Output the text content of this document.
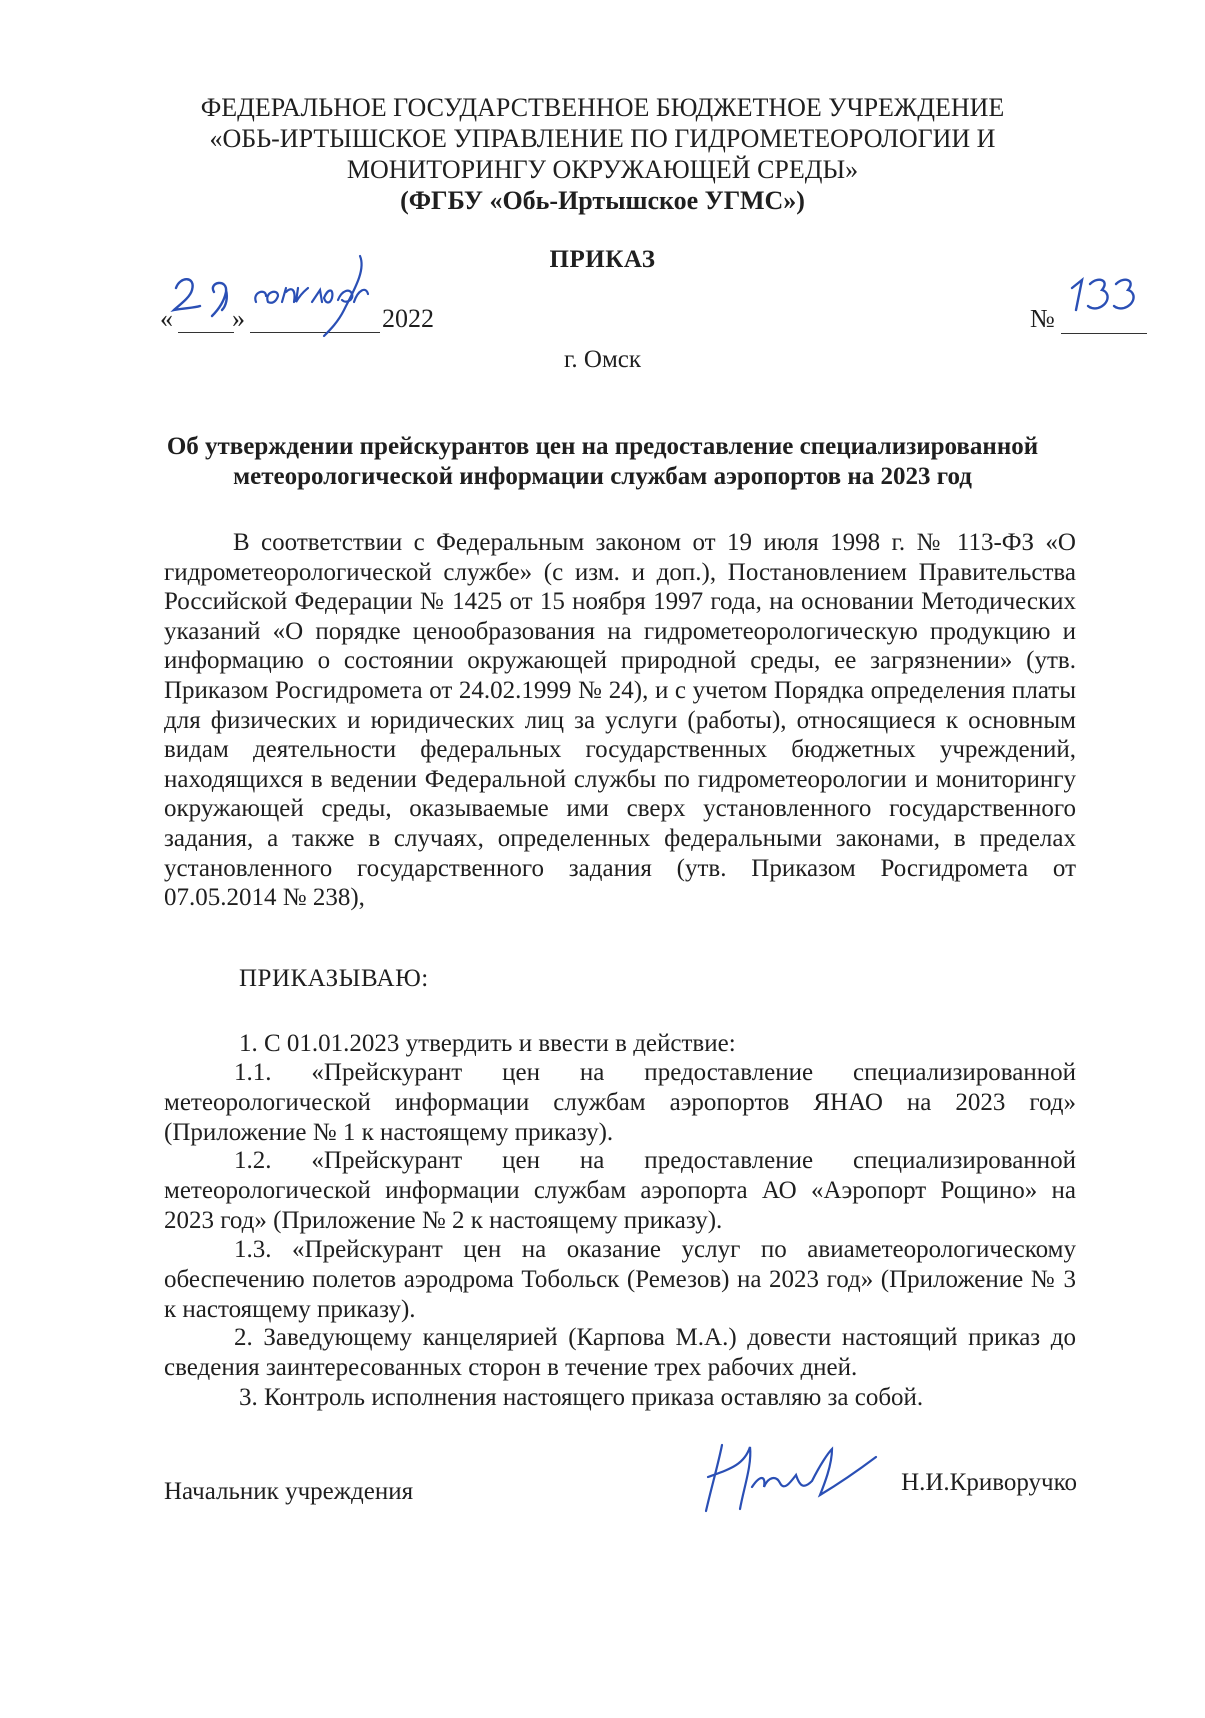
ФЕДЕРАЛЬНОЕ ГОСУДАРСТВЕННОЕ БЮДЖЕТНОЕ УЧРЕЖДЕНИЕ
«ОБЬ-ИРТЫШСКОЕ УПРАВЛЕНИЕ ПО ГИДРОМЕТЕОРОЛОГИИ И
МОНИТОРИНГУ ОКРУЖАЮЩЕЙ СРЕДЫ»
(ФГБУ «Обь-Иртышское УГМС»)
ПРИКАЗ
« »	2022	№
г. Омск
Об утверждении прейскурантов цен на предоставление специализированной
метеорологической информации службам аэропортов на 2023 год
В соответствии с Федеральным законом от 19 июля 1998 г. № 113-ФЗ «О гидрометеорологической службе» (с изм. и доп.), Постановлением Правительства Российской Федерации № 1425 от 15 ноября 1997 года, на основании Методических указаний «О порядке ценообразования на гидрометеорологическую продукцию и информацию о состоянии окружающей природной среды, ее загрязнении» (утв. Приказом Росгидромета от 24.02.1999 № 24), и с учетом Порядка определения платы для физических и юридических лиц за услуги (работы), относящиеся к основным видам деятельности федеральных государственных бюджетных учреждений, находящихся в ведении Федеральной службы по гидрометеорологии и мониторингу окружающей среды, оказываемые ими сверх установленного государственного задания, а также в случаях, определенных федеральными законами, в пределах установленного государственного задания (утв. Приказом Росгидромета от 07.05.2014 № 238),
ПРИКАЗЫВАЮ:
1. С 01.01.2023 утвердить и ввести в действие:
1.1. «Прейскурант цен на предоставление специализированной метеорологической информации службам аэропортов ЯНАО на 2023 год» (Приложение № 1 к настоящему приказу).
1.2. «Прейскурант цен на предоставление специализированной метеорологической информации службам аэропорта АО «Аэропорт Рощино» на 2023 год» (Приложение № 2 к настоящему приказу).
1.3. «Прейскурант цен на оказание услуг по авиаметеорологическому обеспечению полетов аэродрома Тобольск (Ремезов) на 2023 год» (Приложение № 3 к настоящему приказу).
2. Заведующему канцелярией (Карпова М.А.) довести настоящий приказ до сведения заинтересованных сторон в течение трех рабочих дней.
3. Контроль исполнения настоящего приказа оставляю за собой.
Начальник учреждения	Н.И.Криворучко
